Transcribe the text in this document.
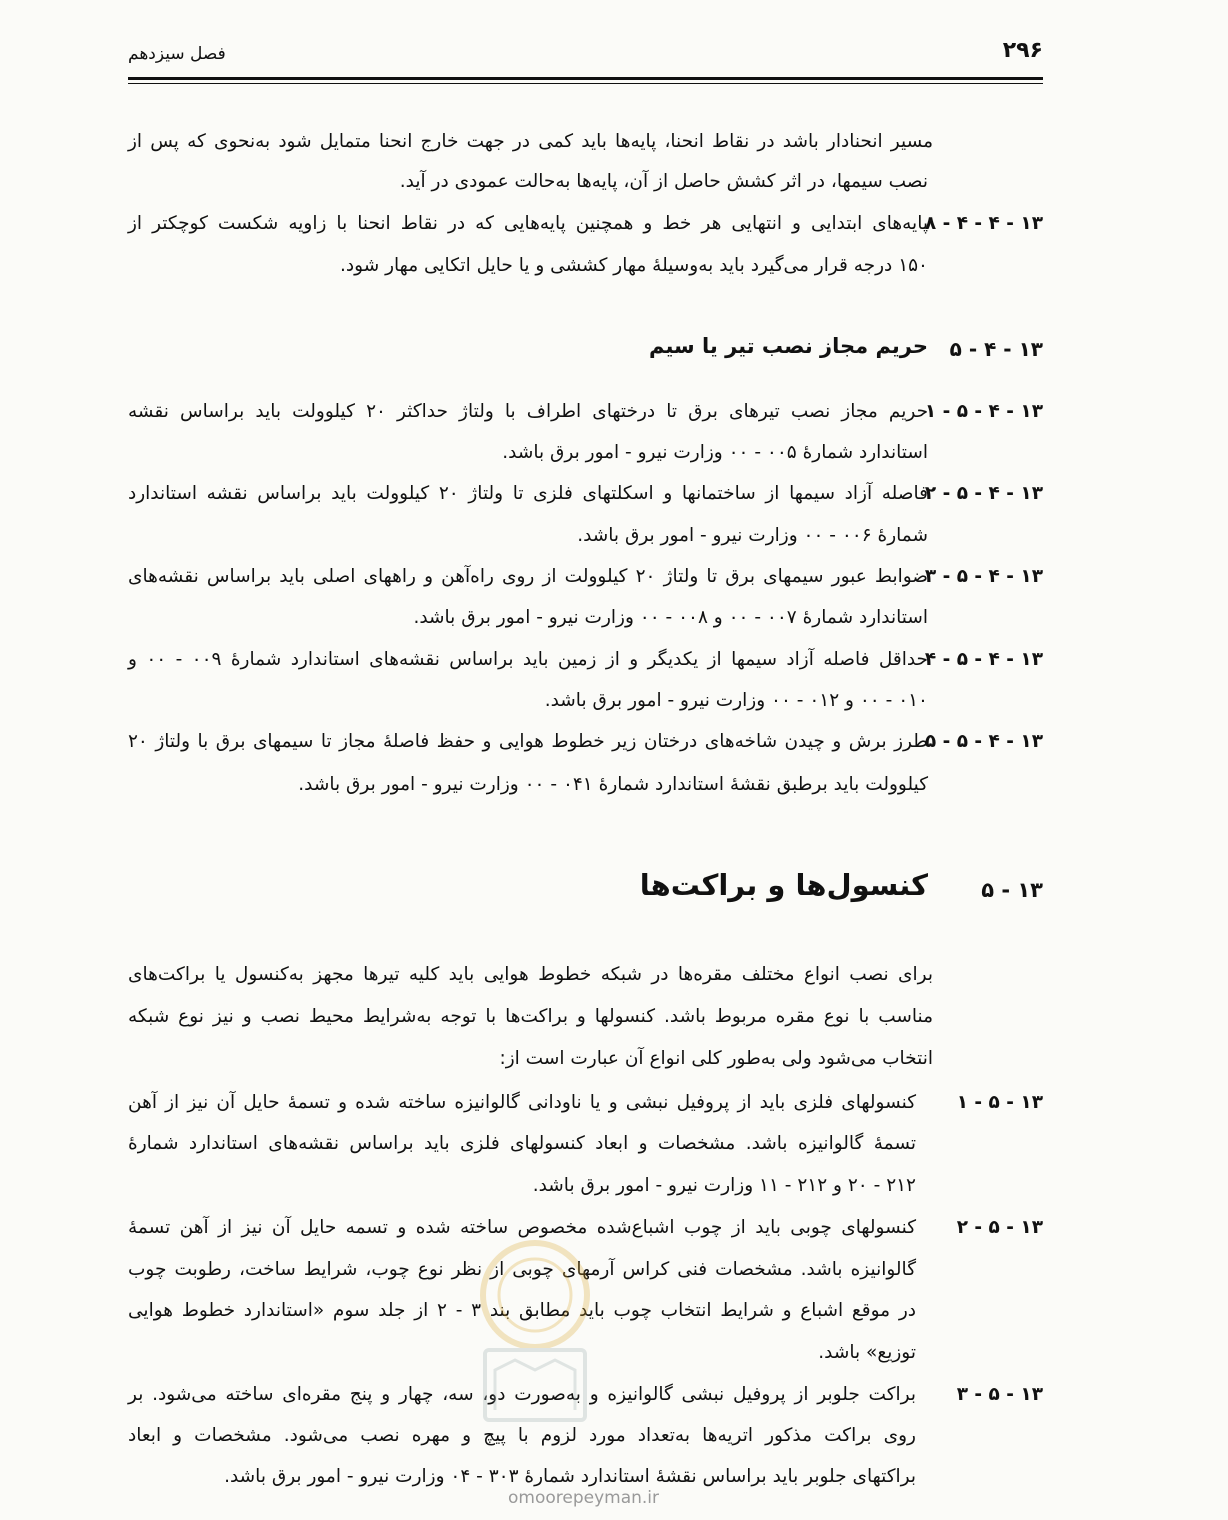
۲۹۶
فصل سیزدهم
مسیر انحنادار باشد در نقاط انحنا، پایه‌ها باید کمی در جهت خارج انحنا متمایل شود به‌نحوی که پس از
نصب سیمها، در اثر کشش حاصل از آن، پایه‌ها به‌حالت عمودی در آید.
۱۳ - ۴ - ۴ - ۸
پایه‌های ابتدایی و انتهایی هر خط و همچنین پایه‌هایی که در نقاط انحنا با زاویه شکست کوچکتر از
۱۵۰ درجه قرار می‌گیرد باید به‌وسیلهٔ مهار کششی و یا حایل اتکایی مهار شود.
۱۳ - ۴ - ۵
حریم مجاز نصب تیر یا سیم
۱۳ - ۴ - ۵ - ۱
حریم مجاز نصب تیرهای برق تا درختهای اطراف با ولتاژ حداکثر ۲۰ کیلوولت باید براساس نقشه
استاندارد شمارهٔ ۰۰۵ - ۰۰ وزارت نیرو - امور برق باشد.
۱۳ - ۴ - ۵ - ۲
فاصله آزاد سیمها از ساختمانها و اسکلتهای فلزی تا ولتاژ ۲۰ کیلوولت باید براساس نقشه استاندارد
شمارهٔ ۰۰۶ - ۰۰ وزارت نیرو - امور برق باشد.
۱۳ - ۴ - ۵ - ۳
ضوابط عبور سیمهای برق تا ولتاژ ۲۰ کیلوولت از روی راه‌آهن و راههای اصلی باید براساس نقشه‌های
استاندارد شمارهٔ ۰۰۷ - ۰۰ و ۰۰۸ - ۰۰ وزارت نیرو - امور برق باشد.
۱۳ - ۴ - ۵ - ۴
حداقل فاصله آزاد سیمها از یکدیگر و از زمین باید براساس نقشه‌های استاندارد شمارهٔ ۰۰۹ - ۰۰ و
۰۱۰ - ۰۰ و ۰۱۲ - ۰۰ وزارت نیرو - امور برق باشد.
۱۳ - ۴ - ۵ - ۵
طرز برش و چیدن شاخه‌های درختان زیر خطوط هوایی و حفظ فاصلهٔ مجاز تا سیمهای برق با ولتاژ ۲۰
کیلوولت باید برطبق نقشهٔ استاندارد شمارهٔ ۰۴۱ - ۰۰ وزارت نیرو - امور برق باشد.
۱۳ - ۵
کنسول‌ها و براکت‌ها
برای نصب انواع مختلف مقره‌ها در شبکه خطوط هوایی باید کلیه تیرها مجهز به‌کنسول یا براکت‌های
مناسب با نوع مقره مربوط باشد. کنسولها و براکت‌ها با توجه به‌شرایط محیط نصب و نیز نوع شبکه
انتخاب می‌شود ولی به‌طور کلی انواع آن عبارت است از:
۱۳ - ۵ - ۱
کنسولهای فلزی باید از پروفیل نبشی و یا ناودانی گالوانیزه ساخته شده و تسمهٔ حایل آن نیز از آهن
تسمهٔ گالوانیزه باشد. مشخصات و ابعاد کنسولهای فلزی باید براساس نقشه‌های استاندارد شمارهٔ
۲۱۲ - ۲۰ و ۲۱۲ - ۱۱ وزارت نیرو - امور برق باشد.
۱۳ - ۵ - ۲
کنسولهای چوبی باید از چوب اشباع‌شده مخصوص ساخته شده و تسمه حایل آن نیز از آهن تسمهٔ
گالوانیزه باشد. مشخصات فنی کراس آرمهای چوبی از نظر نوع چوب، شرایط ساخت، رطوبت چوب
در موقع اشباع و شرایط انتخاب چوب باید مطابق بند ۳ - ۲ از جلد سوم «استاندارد خطوط هوایی
توزیع» باشد.
۱۳ - ۵ - ۳
براکت جلوبر از پروفیل نبشی گالوانیزه و به‌صورت دو، سه، چهار و پنج مقره‌ای ساخته می‌شود. بر
روی براکت مذکور اتریه‌ها به‌تعداد مورد لزوم با پیچ و مهره نصب می‌شود. مشخصات و ابعاد
براکتهای جلوبر باید براساس نقشهٔ استاندارد شمارهٔ ۳۰۳ - ۰۴ وزارت نیرو - امور برق باشد.
omoorepeyman.ir
